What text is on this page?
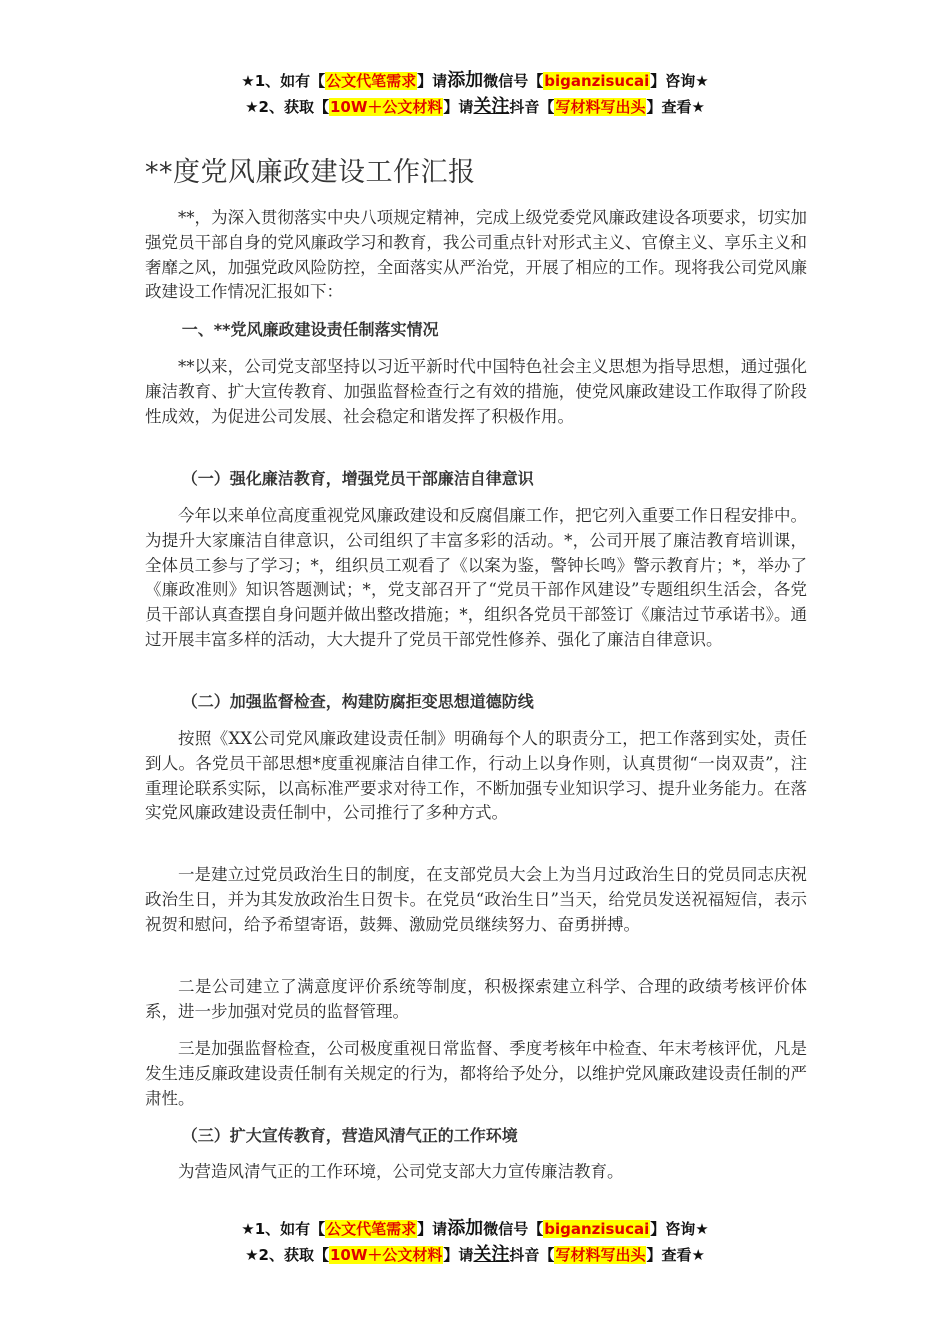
★1、如有【公文代笔需求】请添加微信号【biganzisucai】咨询★
★2、获取【10W＋公文材料】请关注抖音【写材料写出头】查看★
**度党风廉政建设工作汇报

**，为深入贯彻落实中央八项规定精神，完成上级党委党风廉政建设各项要求，切实加强党员干部自身的党风廉政学习和教育，我公司重点针对形式主义、官僚主义、享乐主义和奢靡之风，加强党政风险防控，全面落实从严治党，开展了相应的工作。现将我公司党风廉政建设工作情况汇报如下：

一、**党风廉政建设责任制落实情况

**以来，公司党支部坚持以习近平新时代中国特色社会主义思想为指导思想，通过强化廉洁教育、扩大宣传教育、加强监督检查行之有效的措施，使党风廉政建设工作取得了阶段性成效，为促进公司发展、社会稳定和谐发挥了积极作用。

（一）强化廉洁教育，增强党员干部廉洁自律意识

今年以来单位高度重视党风廉政建设和反腐倡廉工作，把它列入重要工作日程安排中。为提升大家廉洁自律意识，公司组织了丰富多彩的活动。*，公司开展了廉洁教育培训课，全体员工参与了学习；*，组织员工观看了《以案为鉴，警钟长鸣》警示教育片；*，举办了《廉政准则》知识答题测试；*，党支部召开了“党员干部作风建设”专题组织生活会，各党员干部认真查摆自身问题并做出整改措施；*，组织各党员干部签订《廉洁过节承诺书》。通过开展丰富多样的活动，大大提升了党员干部党性修养、强化了廉洁自律意识。

（二）加强监督检查，构建防腐拒变思想道德防线

按照《XX公司党风廉政建设责任制》明确每个人的职责分工，把工作落到实处，责任到人。各党员干部思想*度重视廉洁自律工作，行动上以身作则，认真贯彻“一岗双责”，注重理论联系实际，以高标准严要求对待工作，不断加强专业知识学习、提升业务能力。在落实党风廉政建设责任制中，公司推行了多种方式。

一是建立过党员政治生日的制度，在支部党员大会上为当月过政治生日的党员同志庆祝政治生日，并为其发放政治生日贺卡。在党员“政治生日”当天，给党员发送祝福短信，表示祝贺和慰问，给予希望寄语，鼓舞、激励党员继续努力、奋勇拼搏。

二是公司建立了满意度评价系统等制度，积极探索建立科学、合理的政绩考核评价体系，进一步加强对党员的监督管理。

三是加强监督检查，公司极度重视日常监督、季度考核年中检查、年末考核评优，凡是发生违反廉政建设责任制有关规定的行为，都将给予处分，以维护党风廉政建设责任制的严肃性。

（三）扩大宣传教育，营造风清气正的工作环境

为营造风清气正的工作环境，公司党支部大力宣传廉洁教育。

★1、如有【公文代笔需求】请添加微信号【biganzisucai】咨询★
★2、获取【10W＋公文材料】请关注抖音【写材料写出头】查看★
